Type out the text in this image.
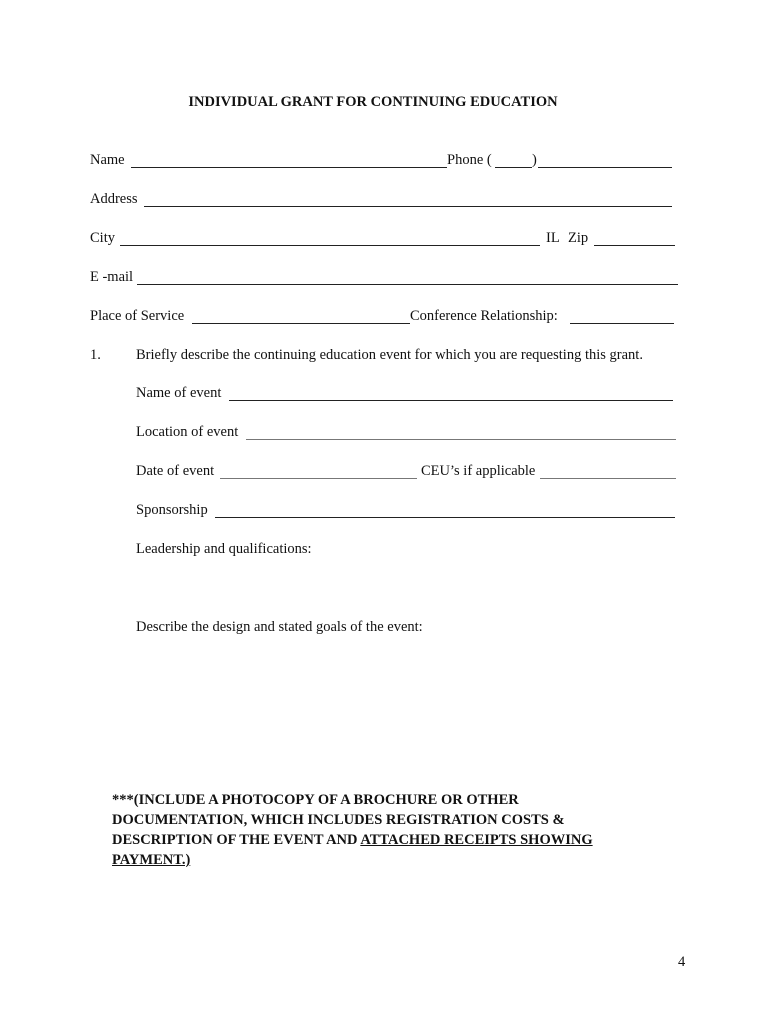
INDIVIDUAL GRANT FOR CONTINUING EDUCATION
Name	Phone (	)
Address
City	IL Zip
E -mail
Place of Service	Conference Relationship:
1. Briefly describe the continuing education event for which you are requesting this grant.
Name of event
Location of event
Date of event	CEU’s if applicable
Sponsorship
Leadership and qualifications:
Describe the design and stated goals of the event:
***(INCLUDE A PHOTOCOPY OF A BROCHURE OR OTHER DOCUMENTATION, WHICH INCLUDES REGISTRATION COSTS & DESCRIPTION OF THE EVENT AND ATTACHED RECEIPTS SHOWING PAYMENT.)
4
